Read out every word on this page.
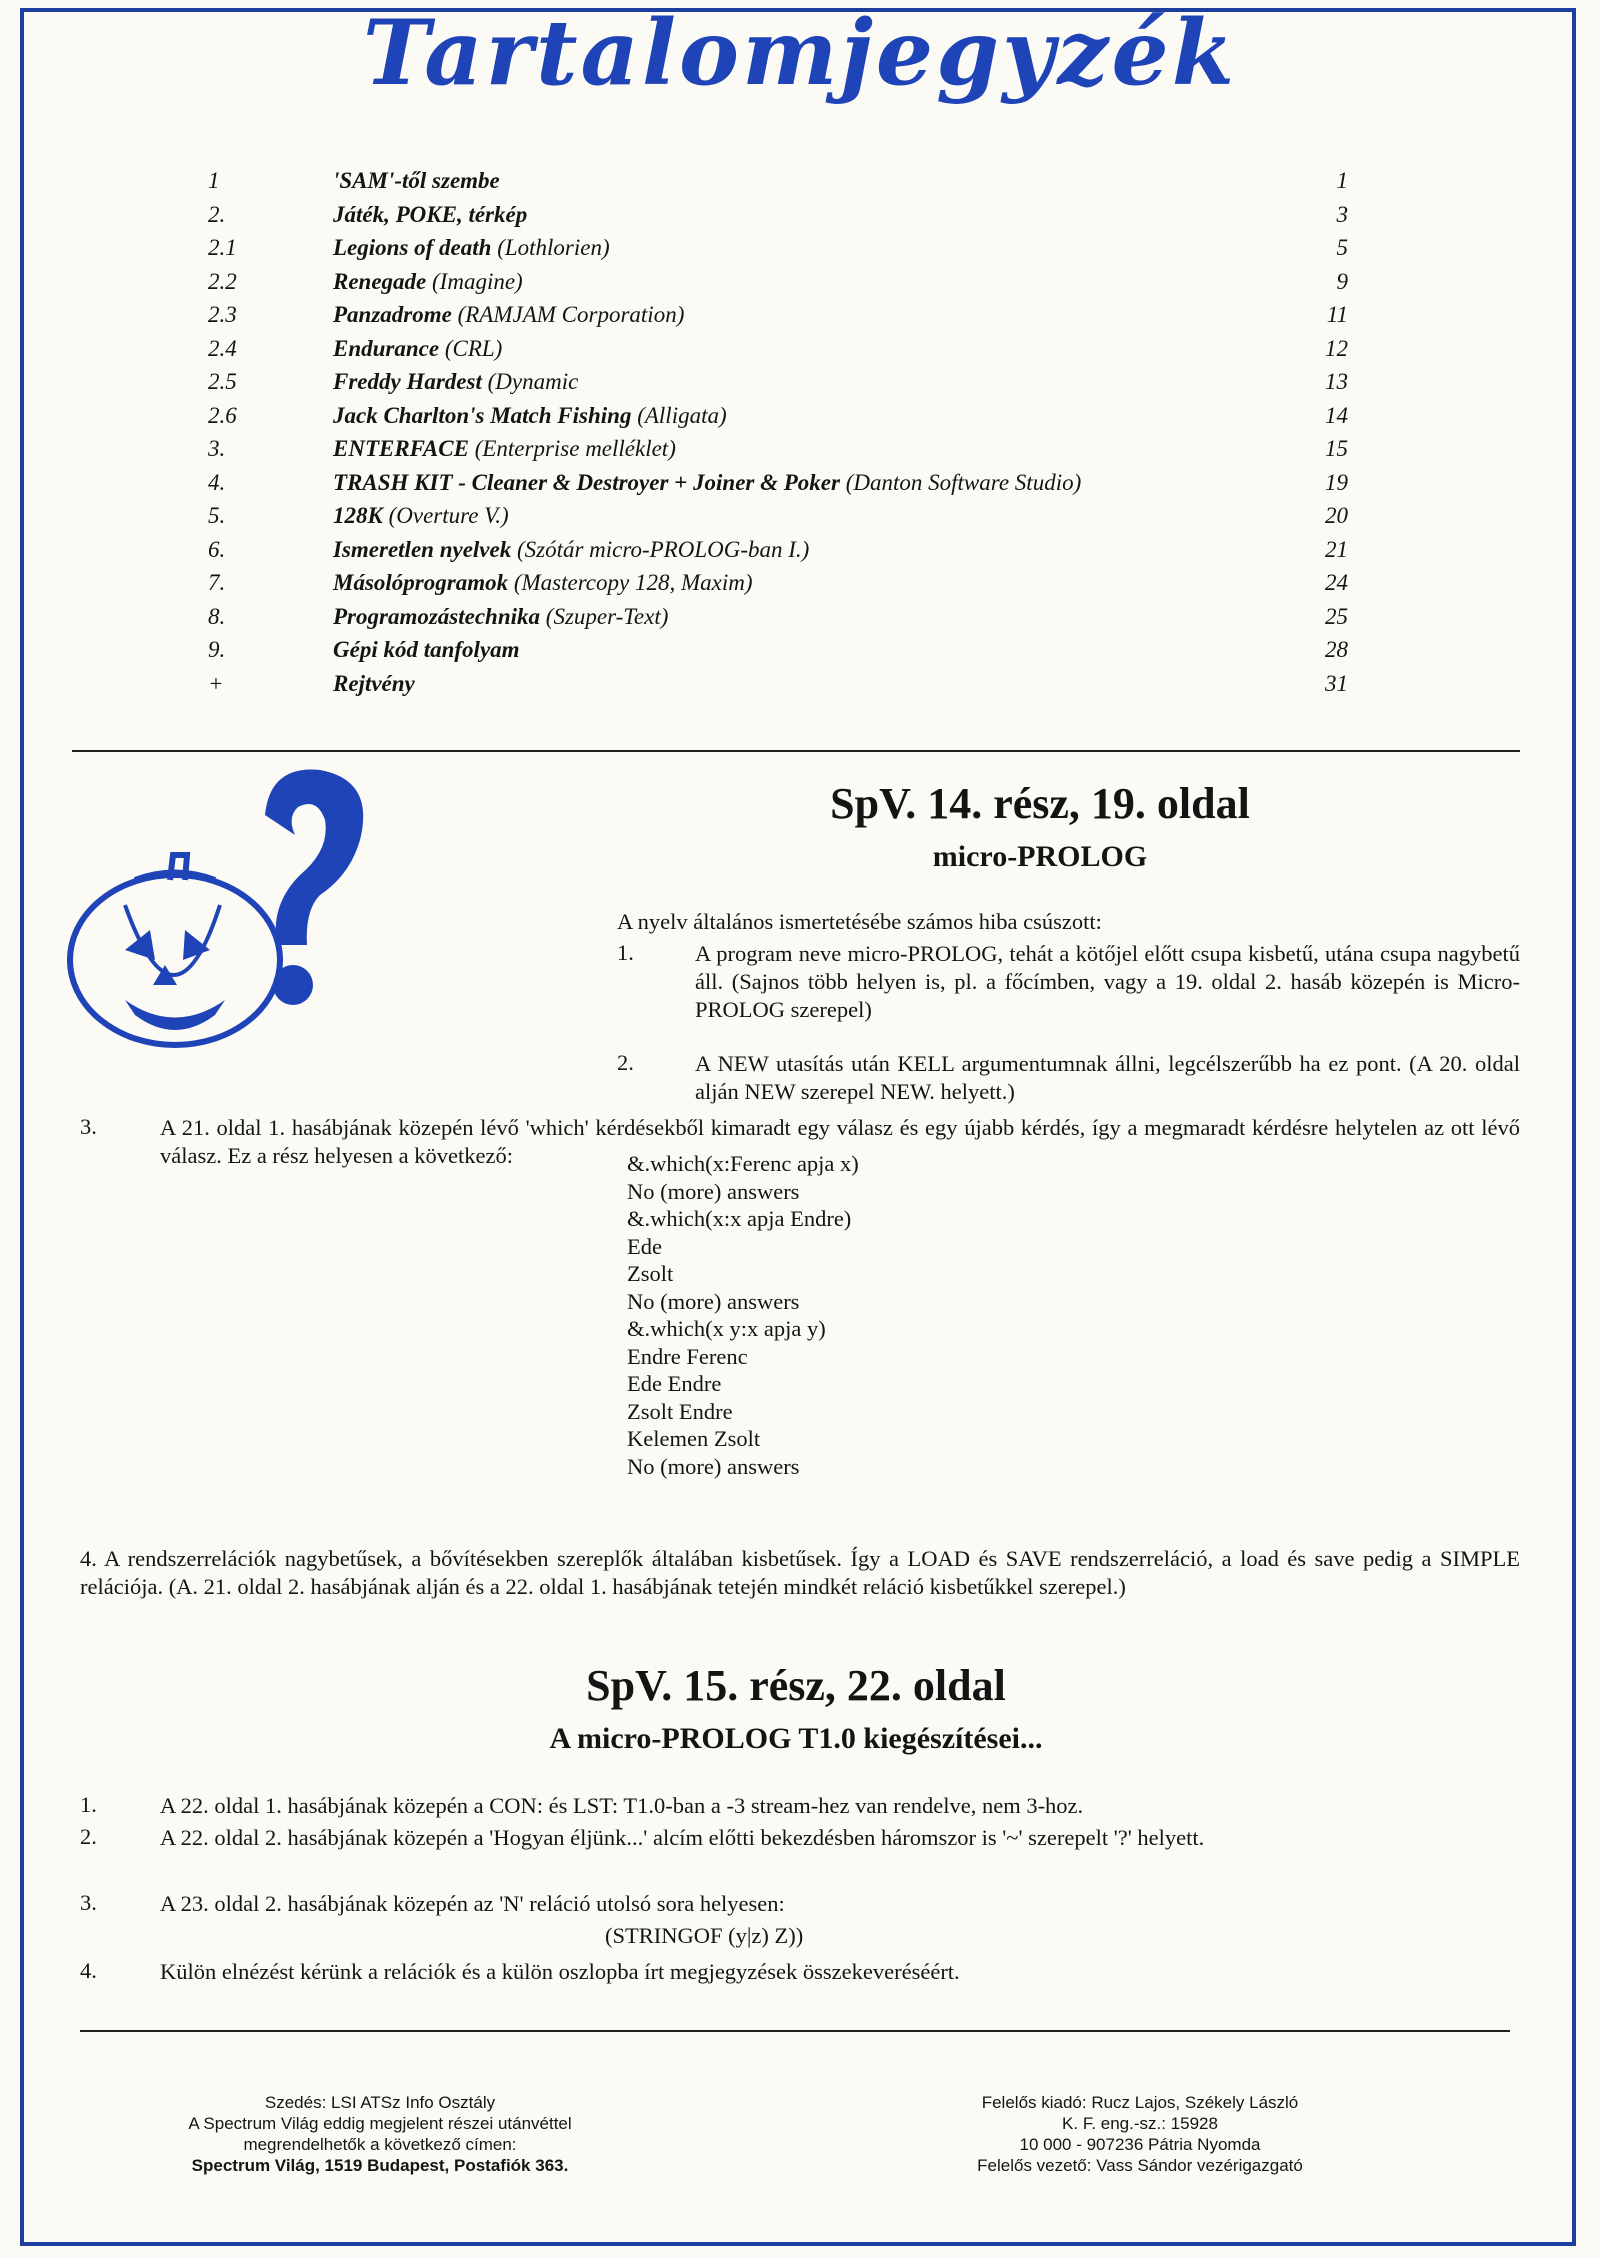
Tartalomjegyzék
1	'SAM'-től szembe	1
2.	Játék, POKE, térkép	3
2.1	Legions of death (Lothlorien)	5
2.2	Renegade (Imagine)	9
2.3	Panzadrome (RAMJAM Corporation)	11
2.4	Endurance (CRL)	12
2.5	Freddy Hardest (Dynamic	13
2.6	Jack Charlton's Match Fishing (Alligata)	14
3.	ENTERFACE (Enterprise melléklet)	15
4.	TRASH KIT - Cleaner & Destroyer + Joiner & Poker (Danton Software Studio)	19
5.	128K (Overture V.)	20
6.	Ismeretlen nyelvek (Szótár micro-PROLOG-ban I.)	21
7.	Másolóprogramok (Mastercopy 128, Maxim)	24
8.	Programozástechnika (Szuper-Text)	25
9.	Gépi kód tanfolyam	28
+	Rejtvény	31
SpV. 14. rész, 19. oldal
micro-PROLOG
A nyelv általános ismertetésébe számos hiba csúszott:
1.	A program neve micro-PROLOG, tehát a kötőjel előtt csupa kisbetű, utána csupa nagybetű áll. (Sajnos több helyen is, pl. a főcímben, vagy a 19. oldal 2. hasáb közepén is Micro-PROLOG szerepel)
2.	A NEW utasítás után KELL argumentumnak állni, legcélszerűbb ha ez pont. (A 20. oldal alján NEW szerepel NEW. helyett.)
3.	A 21. oldal 1. hasábjának közepén lévő 'which' kérdésekből kimaradt egy válasz és egy újabb kérdés, így a megmaradt kérdésre helytelen az ott lévő válasz. Ez a rész helyesen a következő:	&.which(x:Ferenc apja x)
No (more) answers
&.which(x:x apja Endre)
Ede
Zsolt
No (more) answers
&.which(x y:x apja y)
Endre Ferenc
Ede Endre
Zsolt Endre
Kelemen Zsolt
No (more) answers
4. A rendszerrelációk nagybetűsek, a bővítésekben szereplők általában kisbetűsek. Így a LOAD és SAVE rendszerreláció, a load és save pedig a SIMPLE relációja. (A. 21. oldal 2. hasábjának alján és a 22. oldal 1. hasábjának tetején mindkét reláció kisbetűkkel szerepel.)
SpV. 15. rész, 22. oldal
A micro-PROLOG T1.0 kiegészítései...
1.	A 22. oldal 1. hasábjának közepén a CON: és LST: T1.0-ban a -3 stream-hez van rendelve, nem 3-hoz.
2.	A 22. oldal 2. hasábjának közepén a 'Hogyan éljünk...' alcím előtti bekezdésben háromszor is '~' szerepelt '?' helyett.
3.	A 23. oldal 2. hasábjának közepén az 'N' reláció utolsó sora helyesen:
(STRINGOF (y|z) Z))
4.	Külön elnézést kérünk a relációk és a külön oszlopba írt megjegyzések összekeveréséért.
Szedés: LSI ATSz Info Osztály
A Spectrum Világ eddig megjelent részei utánvéttel
megrendelhetők a következő címen:
Spectrum Világ, 1519 Budapest, Postafiók 363.
Felelős kiadó: Rucz Lajos, Székely László
K. F. eng.-sz.: 15928
10 000 - 907236 Pátria Nyomda
Felelős vezető: Vass Sándor vezérigazgató
